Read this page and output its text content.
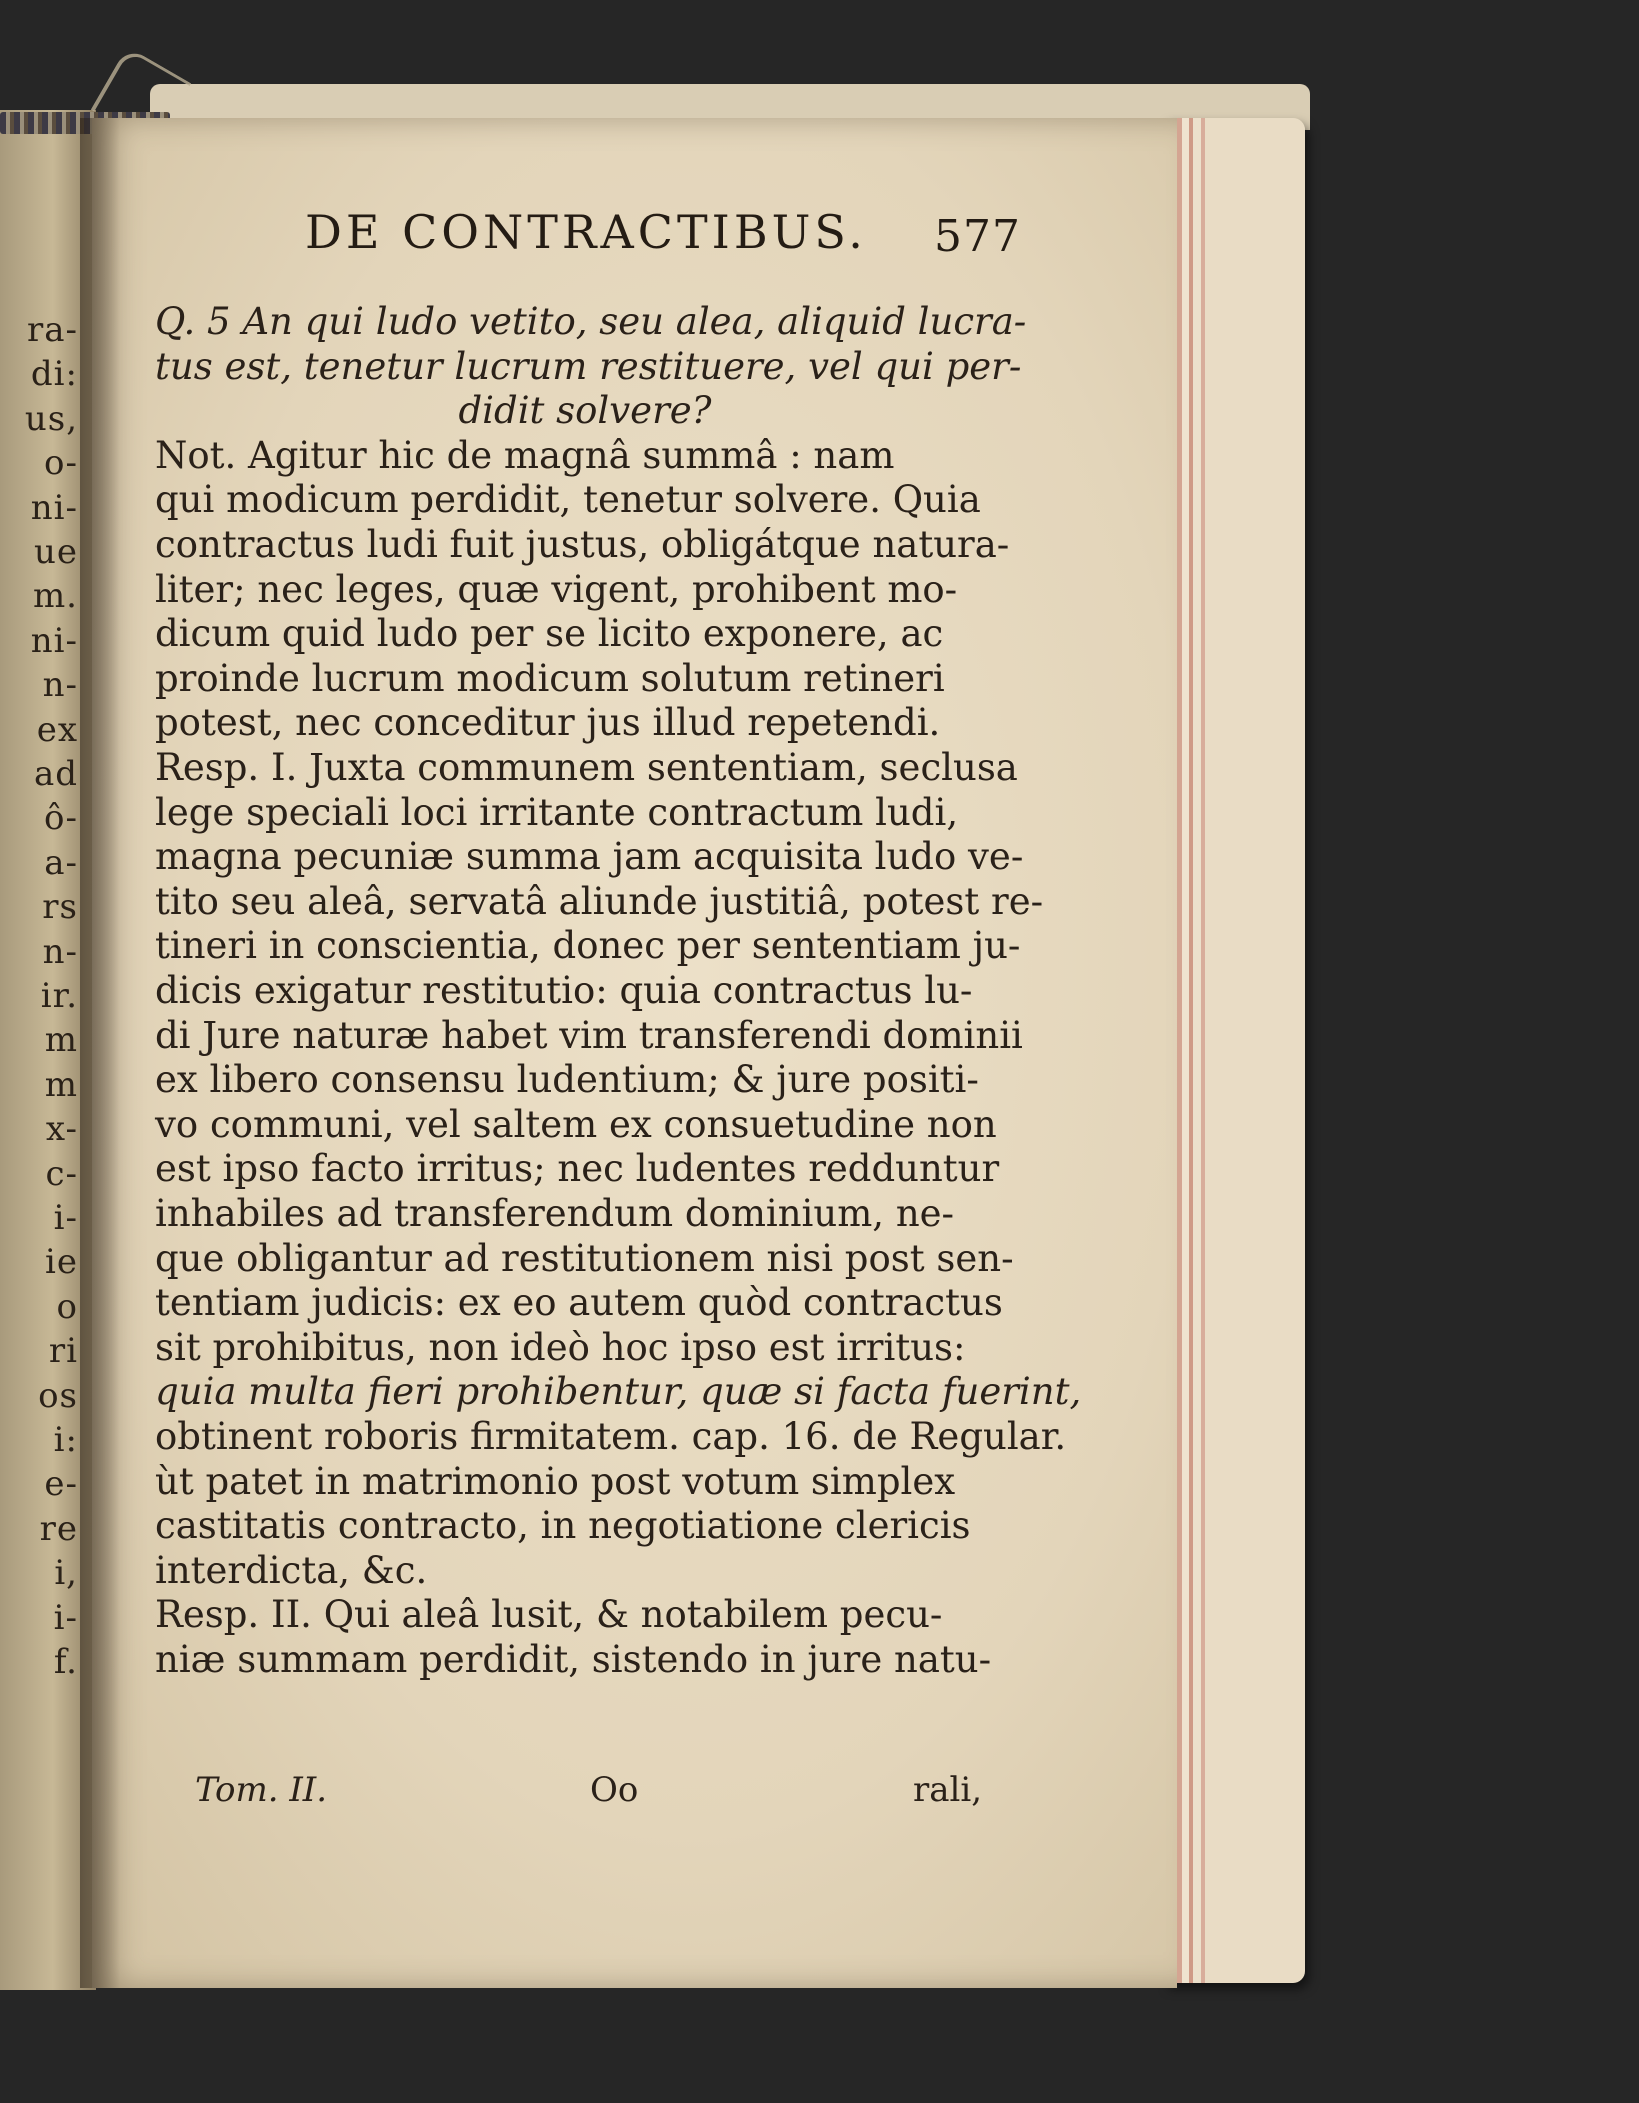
ra-
di:
us,
o-
ni-
ue
m.
ni-
n-
ex
ad
ô-
a-
rs
n-
ir.
m
m
x-
c-
i-
ie
o
ri
os
i:
e-
re
i,
i-
f.
DE CONTRACTIBUS. 577
Q. 5 An qui ludo vetito, seu alea, aliquid lucra-
tus est, tenetur lucrum restituere, vel qui per-
didit solvere?
Not. Agitur hic de magnâ summâ : nam
qui modicum perdidit, tenetur solvere. Quia
contractus ludi fuit justus, obligátque natura-
liter; nec leges, quæ vigent, prohibent mo-
dicum quid ludo per se licito exponere, ac
proinde lucrum modicum solutum retineri
potest, nec conceditur jus illud repetendi.
Resp. I. Juxta communem sententiam, seclusa
lege speciali loci irritante contractum ludi,
magna pecuniæ summa jam acquisita ludo ve-
tito seu aleâ, servatâ aliunde justitiâ, potest re-
tineri in conscientia, donec per sententiam ju-
dicis exigatur restitutio: quia contractus lu-
di Jure naturæ habet vim transferendi dominii
ex libero consensu ludentium; & jure positi-
vo communi, vel saltem ex consuetudine non
est ipso facto irritus; nec ludentes redduntur
inhabiles ad transferendum dominium, ne-
que obligantur ad restitutionem nisi post sen-
tentiam judicis: ex eo autem quòd contractus
sit prohibitus, non ideò hoc ipso est irritus:
quia multa fieri prohibentur, quæ si facta fuerint,
obtinent roboris firmitatem. cap. 16. de Regular.
ùt patet in matrimonio post votum simplex
castitatis contracto, in negotiatione clericis
interdicta, &c.
Resp. II. Qui aleâ lusit, & notabilem pecu-
niæ summam perdidit, sistendo in jure natu-
Tom. II.	Oo	rali,
